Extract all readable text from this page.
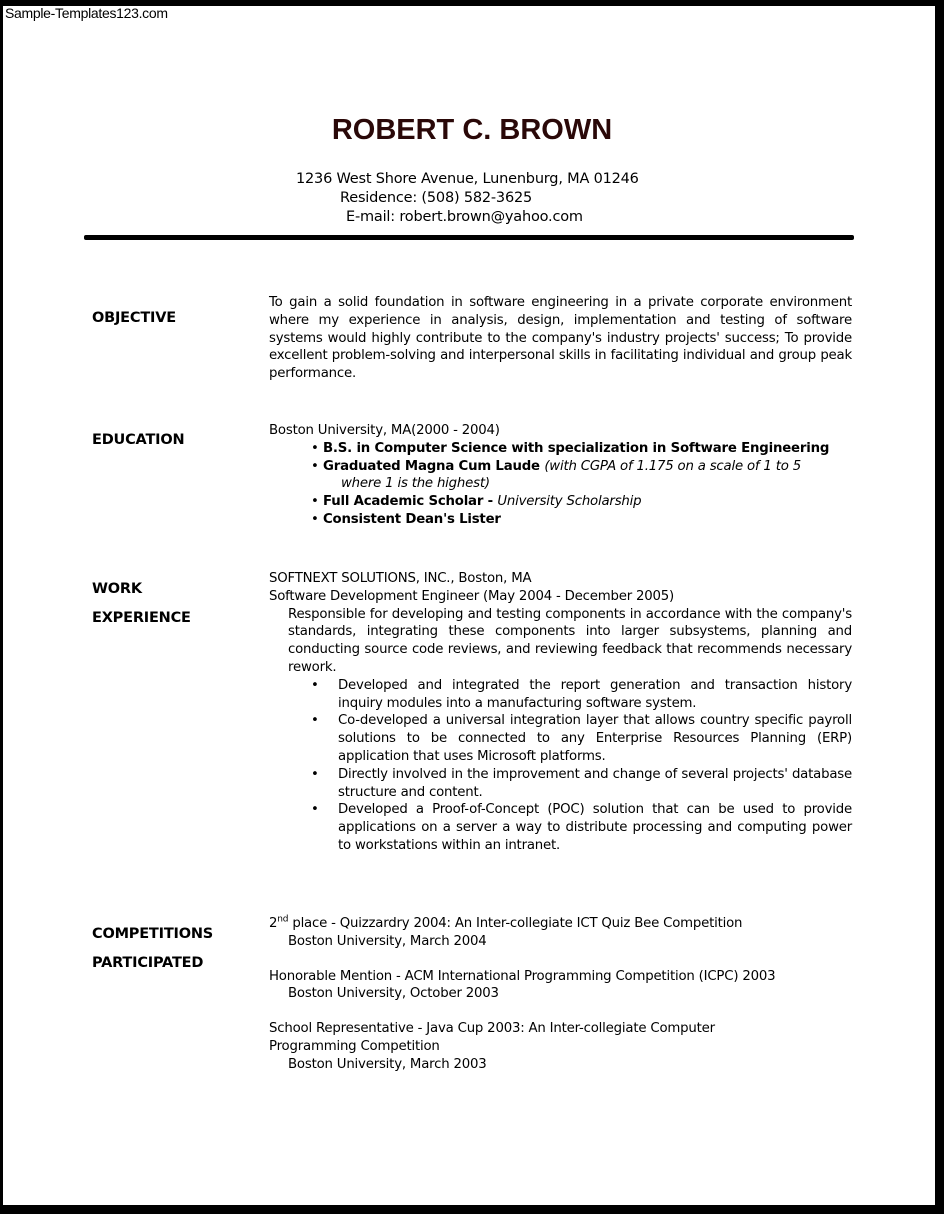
Sample-Templates123.com
ROBERT C. BROWN
1236 West Shore Avenue, Lunenburg, MA 01246
Residence: (508) 582-3625
E-mail: robert.brown@yahoo.com
OBJECTIVE
To gain a solid foundation in software engineering in a private corporate environment where my experience in analysis, design, implementation and testing of software systems would highly contribute to the company's industry projects' success; To provide excellent problem-solving and interpersonal skills in facilitating individual and group peak performance.
EDUCATION
Boston University, MA(2000 - 2004)
• B.S. in Computer Science with specialization in Software Engineering
• Graduated Magna Cum Laude (with CGPA of 1.175 on a scale of 1 to 5
where 1 is the highest)
• Full Academic Scholar - University Scholarship
• Consistent Dean's Lister
WORK
EXPERIENCE
SOFTNEXT SOLUTIONS, INC., Boston, MA
Software Development Engineer (May 2004 - December 2005)

Responsible for developing and testing components in accordance with the company's standards, integrating these components into larger subsystems, planning and conducting source code reviews, and reviewing feedback that recommends necessary rework.

• Developed and integrated the report generation and transaction history inquiry modules into a manufacturing software system.
• Co-developed a universal integration layer that allows country specific payroll solutions to be connected to any Enterprise Resources Planning (ERP) application that uses Microsoft platforms.
• Directly involved in the improvement and change of several projects' database structure and content.
• Developed a Proof-of-Concept (POC) solution that can be used to provide applications on a server a way to distribute processing and computing power to workstations within an intranet.
COMPETITIONS
PARTICIPATED
2nd place - Quizzardry 2004: An Inter-collegiate ICT Quiz Bee Competition
Boston University, March 2004
Honorable Mention - ACM International Programming Competition (ICPC) 2003
Boston University, October 2003
School Representative - Java Cup 2003: An Inter-collegiate Computer Programming Competition
Boston University, March 2003
